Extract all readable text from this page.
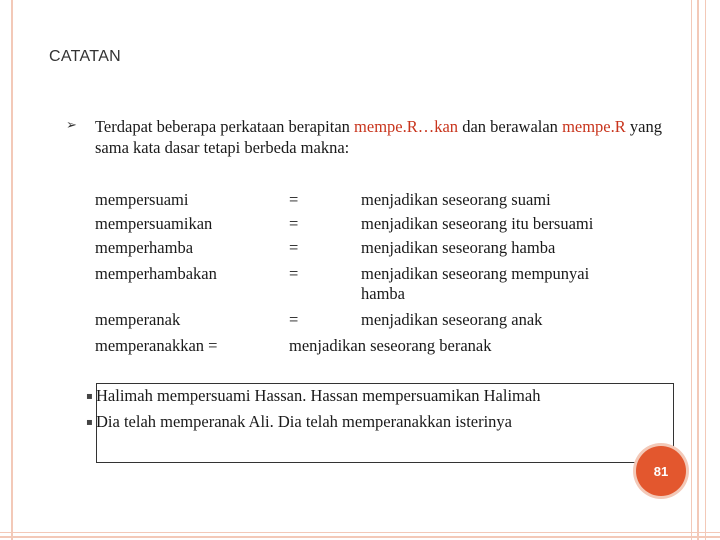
CATATAN
➢ Terdapat beberapa perkataan berapitan mempe.R…kan dan berawalan mempe.R yang sama kata dasar tetapi berbeda makna:
mempersuami	=	menjadikan seseorang suami
mempersuamikan	=	menjadikan seseorang itu bersuami
memperhamba	=	menjadikan seseorang hamba
memperhambakan	=	menjadikan seseorang mempunyai
hamba
memperanak	=	menjadikan seseorang anak
memperanakkan =	menjadikan seseorang beranak
▪ Halimah mempersuami Hassan. Hassan mempersuamikan Halimah
▪ Dia telah memperanak Ali. Dia telah memperanakkan isterinya
81
